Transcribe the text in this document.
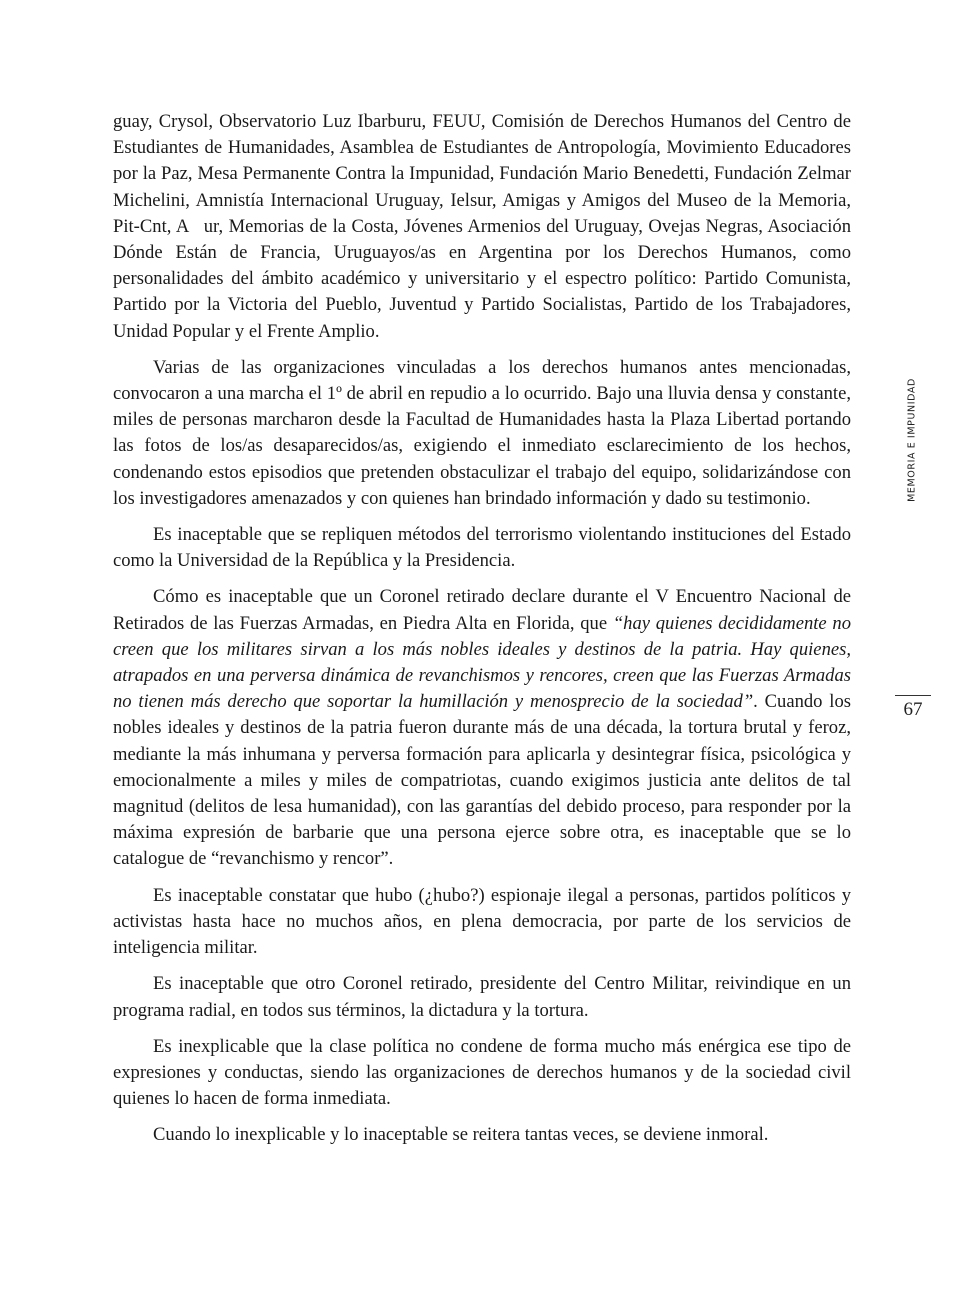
guay, Crysol, Observatorio Luz Ibarburu, FEUU, Comisión de Derechos Humanos del Centro de Estudiantes de Humanidades, Asamblea de Estudiantes de Antropología, Movimiento Educadores por la Paz, Mesa Permanente Contra la Impunidad, Fundación Mario Benedetti, Fundación Zelmar Michelini, Amnistía Internacional Uruguay, Ielsur, Amigas y Amigos del Museo de la Memoria, Pit-Cnt, A ur, Memorias de la Costa, Jóvenes Armenios del Uruguay, Ovejas Negras, Asociación Dónde Están de Francia, Uruguayos/as en Argentina por los Derechos Humanos, como personalidades del ámbito académico y universitario y el espectro político: Partido Comunista, Partido por la Victoria del Pueblo, Juventud y Partido Socialistas, Partido de los Trabajadores, Unidad Popular y el Frente Amplio.

Varias de las organizaciones vinculadas a los derechos humanos antes mencionadas, convocaron a una marcha el 1º de abril en repudio a lo ocurrido. Bajo una lluvia densa y constante, miles de personas marcharon desde la Facultad de Humanidades hasta la Plaza Libertad portando las fotos de los/as desaparecidos/as, exigiendo el inmediato esclarecimiento de los hechos, condenando estos episodios que pretenden obstaculizar el trabajo del equipo, solidarizándose con los investigadores amenazados y con quienes han brindado información y dado su testimonio.

Es inaceptable que se repliquen métodos del terrorismo violentando instituciones del Estado como la Universidad de la República y la Presidencia.

Cómo es inaceptable que un Coronel retirado declare durante el V Encuentro Nacional de Retirados de las Fuerzas Armadas, en Piedra Alta en Florida, que “hay quienes decididamente no creen que los militares sirvan a los más nobles ideales y destinos de la patria. Hay quienes, atrapados en una perversa dinámica de revanchismos y rencores, creen que las Fuerzas Armadas no tienen más derecho que soportar la humillación y menosprecio de la sociedad”. Cuando los nobles ideales y destinos de la patria fueron durante más de una década, la tortura brutal y feroz, mediante la más inhumana y perversa formación para aplicarla y desintegrar física, psicológica y emocionalmente a miles y miles de compatriotas, cuando exigimos justicia ante delitos de tal magnitud (delitos de lesa humanidad), con las garantías del debido proceso, para responder por la máxima expresión de barbarie que una persona ejerce sobre otra, es inaceptable que se lo catalogue de “revanchismo y rencor”.

Es inaceptable constatar que hubo (¿hubo?) espionaje ilegal a personas, partidos políticos y activistas hasta hace no muchos años, en plena democracia, por parte de los servicios de inteligencia militar.

Es inaceptable que otro Coronel retirado, presidente del Centro Militar, reivindique en un programa radial, en todos sus términos, la dictadura y la tortura.

Es inexplicable que la clase política no condene de forma mucho más enérgica ese tipo de expresiones y conductas, siendo las organizaciones de derechos humanos y de la sociedad civil quienes lo hacen de forma inmediata.

Cuando lo inexplicable y lo inaceptable se reitera tantas veces, se deviene inmoral.

MEMORIA E IMPUNIDAD
67
